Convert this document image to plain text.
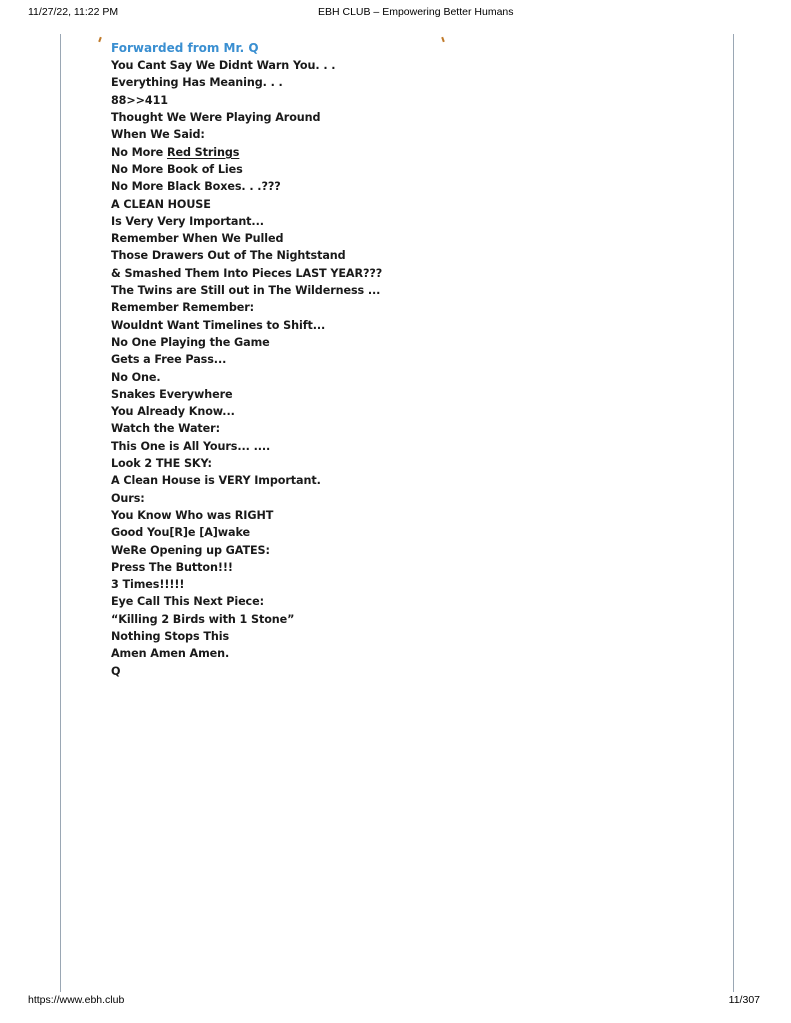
11/27/22, 11:22 PM	EBH CLUB – Empowering Better Humans
Forwarded from Mr. Q
You Cant Say We Didnt Warn You. . .
Everything Has Meaning. . .
88>>411
Thought We Were Playing Around
When We Said:
No More Red Strings
No More Book of Lies
No More Black Boxes. . .???
A CLEAN HOUSE
Is Very Very Important...
Remember When We Pulled
Those Drawers Out of The Nightstand
& Smashed Them Into Pieces LAST YEAR???
The Twins are Still out in The Wilderness ...
Remember Remember:
Wouldnt Want Timelines to Shift...
No One Playing the Game
Gets a Free Pass...
No One.
Snakes Everywhere
You Already Know...
Watch the Water:
This One is All Yours... ....
Look 2 THE SKY:
A Clean House is VERY Important.
Ours:
You Know Who was RIGHT
Good You[R]e [A]wake
WeRe Opening up GATES:
Press The Button!!!
3 Times!!!!!
Eye Call This Next Piece:
“Killing 2 Birds with 1 Stone”
Nothing Stops This
Amen Amen Amen.
Q
https://www.ebh.club	11/307
